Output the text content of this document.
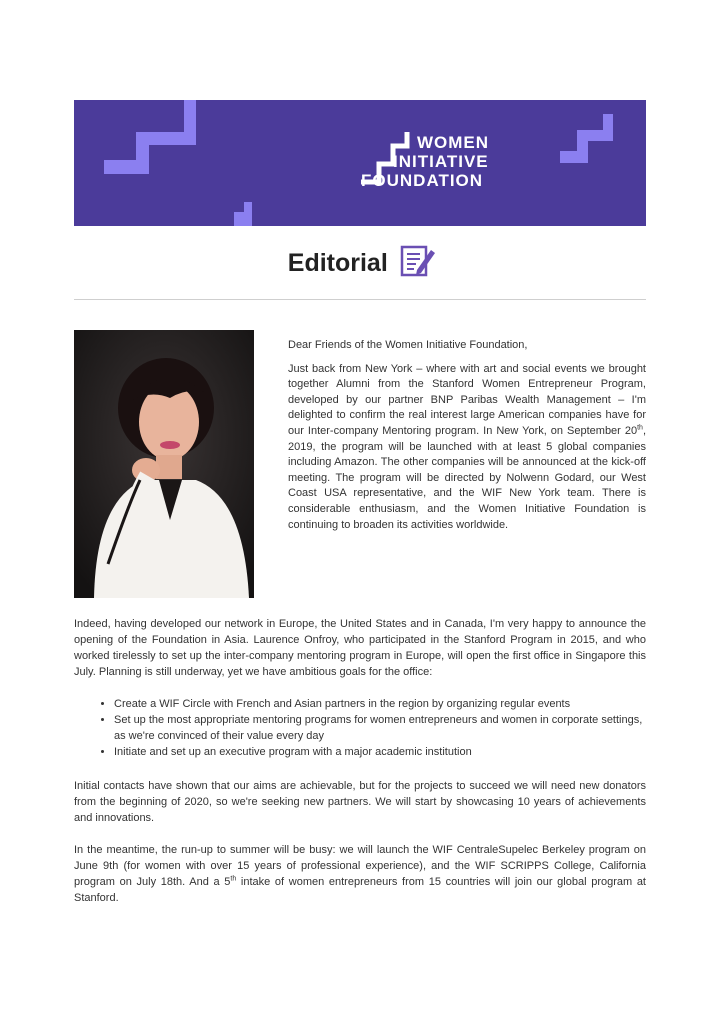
WOMEN
INITIATIVE
FOUNDATION
Editorial

Dear Friends of the Women Initiative Foundation,

Just back from New York – where with art and social events we brought together Alumni from the Stanford Women Entrepreneur Program, developed by our partner BNP Paribas Wealth Management – I'm delighted to confirm the real interest large American companies have for our Inter-company Mentoring program. In New York, on September 20th, 2019, the program will be launched with at least 5 global companies including Amazon. The other companies will be announced at the kick-off meeting. The program will be directed by Nolwenn Godard, our West Coast USA representative, and the WIF New York team. There is considerable enthusiasm, and the Women Initiative Foundation is continuing to broaden its activities worldwide.

Indeed, having developed our network in Europe, the United States and in Canada, I'm very happy to announce the opening of the Foundation in Asia. Laurence Onfroy, who participated in the Stanford Program in 2015, and who worked tirelessly to set up the inter-company mentoring program in Europe, will open the first office in Singapore this July. Planning is still underway, yet we have ambitious goals for the office:

• Create a WIF Circle with French and Asian partners in the region by organizing regular events
• Set up the most appropriate mentoring programs for women entrepreneurs and women in corporate settings, as we're convinced of their value every day
• Initiate and set up an executive program with a major academic institution

Initial contacts have shown that our aims are achievable, but for the projects to succeed we will need new donators from the beginning of 2020, so we're seeking new partners. We will start by showcasing 10 years of achievements and innovations.

In the meantime, the run-up to summer will be busy: we will launch the WIF CentraleSupelec Berkeley program on June 9th (for women with over 15 years of professional experience), and the WIF SCRIPPS College, California program on July 18th. And a 5th intake of women entrepreneurs from 15 countries will join our global program at Stanford.
